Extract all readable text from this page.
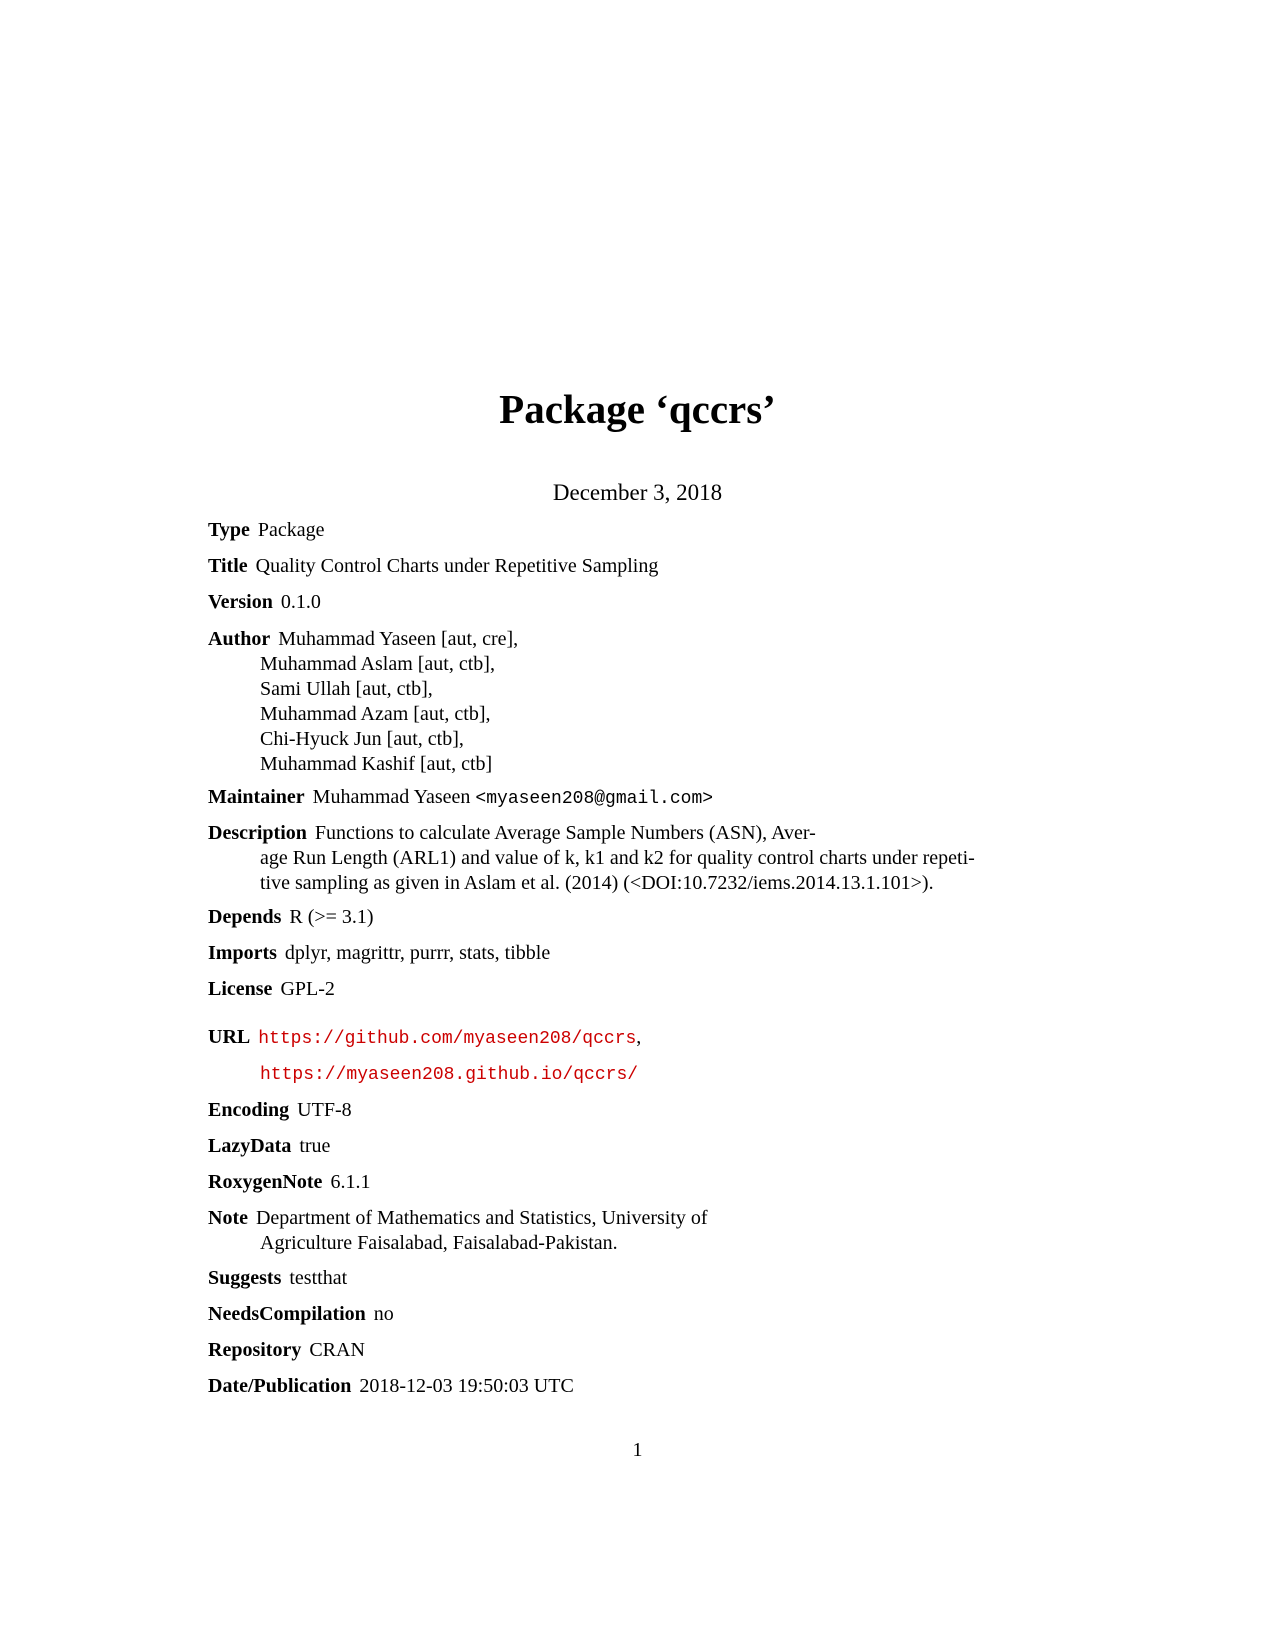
Package ‘qccrs’
December 3, 2018
Type Package
Title Quality Control Charts under Repetitive Sampling
Version 0.1.0
Author Muhammad Yaseen [aut, cre],
Muhammad Aslam [aut, ctb],
Sami Ullah [aut, ctb],
Muhammad Azam [aut, ctb],
Chi-Hyuck Jun [aut, ctb],
Muhammad Kashif [aut, ctb]
Maintainer Muhammad Yaseen <myaseen208@gmail.com>
Description Functions to calculate Average Sample Numbers (ASN), Aver-
age Run Length (ARL1) and value of k, k1 and k2 for quality control charts under repeti-
tive sampling as given in Aslam et al. (2014) (<DOI:10.7232/iems.2014.13.1.101>).
Depends R (>= 3.1)
Imports dplyr, magrittr, purrr, stats, tibble
License GPL-2
URL https://github.com/myaseen208/qccrs,
https://myaseen208.github.io/qccrs/
Encoding UTF-8
LazyData true
RoxygenNote 6.1.1
Note Department of Mathematics and Statistics, University of
Agriculture Faisalabad, Faisalabad-Pakistan.
Suggests testthat
NeedsCompilation no
Repository CRAN
Date/Publication 2018-12-03 19:50:03 UTC
1
